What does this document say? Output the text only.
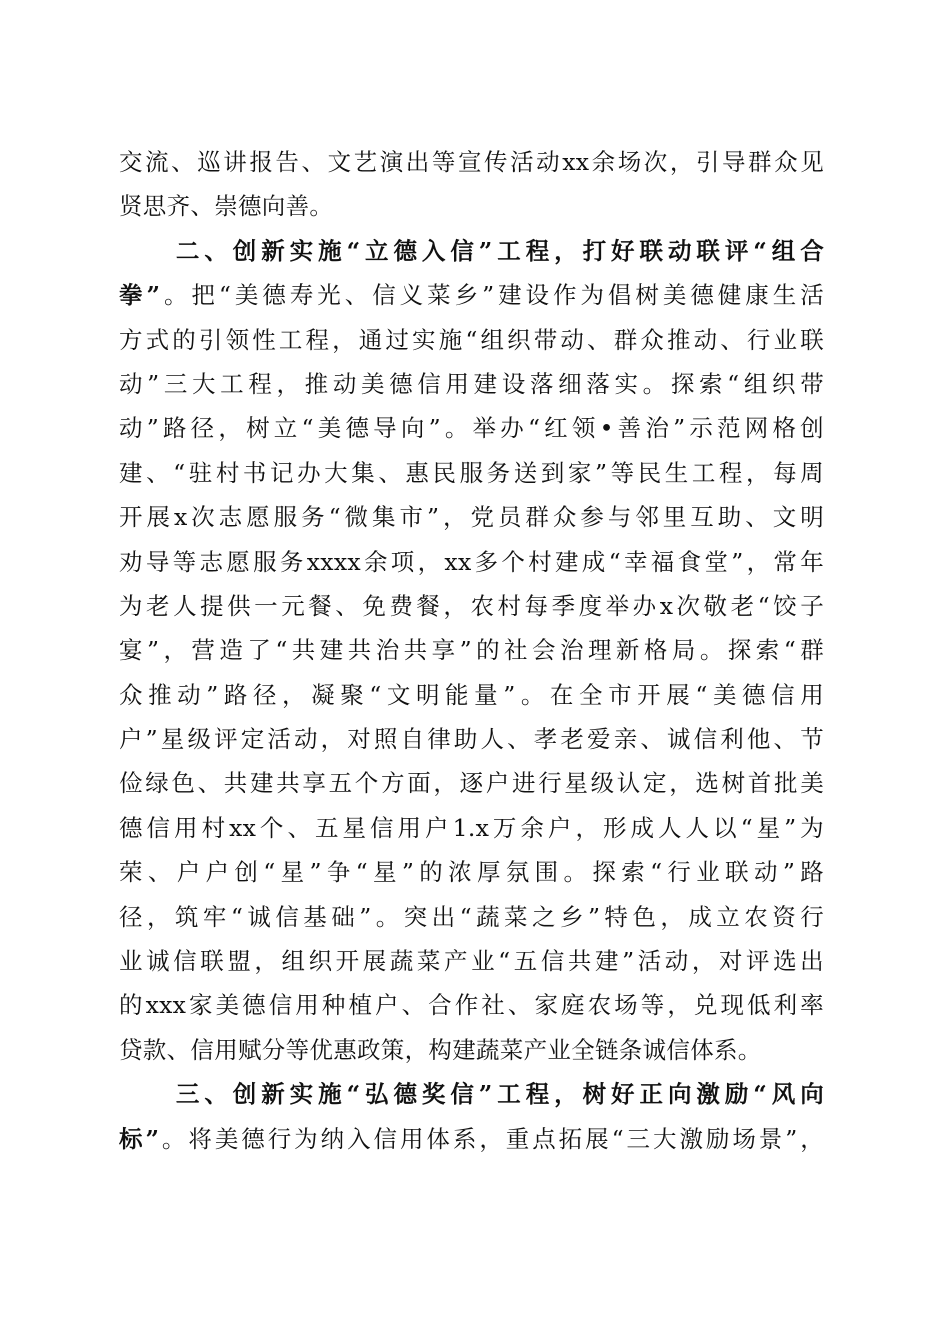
交流、巡讲报告、文艺演出等宣传活动xx余场次，引导群众见
贤思齐、崇德向善。
　　二、创新实施“立德入信”工程，打好联动联评“组合
拳”。把“美德寿光、信义菜乡”建设作为倡树美德健康生活
方式的引领性工程，通过实施“组织带动、群众推动、行业联
动”三大工程，推动美德信用建设落细落实。探索“组织带
动”路径，树立“美德导向”。举办“红领•善治”示范网格创
建、“驻村书记办大集、惠民服务送到家”等民生工程，每周
开展x次志愿服务“微集市”，党员群众参与邻里互助、文明
劝导等志愿服务xxxx余项，xx多个村建成“幸福食堂”，常年
为老人提供一元餐、免费餐，农村每季度举办x次敬老“饺子
宴”，营造了“共建共治共享”的社会治理新格局。探索“群
众推动”路径，凝聚“文明能量”。在全市开展“美德信用
户”星级评定活动，对照自律助人、孝老爱亲、诚信利他、节
俭绿色、共建共享五个方面，逐户进行星级认定，选树首批美
德信用村xx个、五星信用户1.x万余户，形成人人以“星”为
荣、户户创“星”争“星”的浓厚氛围。探索“行业联动”路
径，筑牢“诚信基础”。突出“蔬菜之乡”特色，成立农资行
业诚信联盟，组织开展蔬菜产业“五信共建”活动，对评选出
的xxx家美德信用种植户、合作社、家庭农场等，兑现低利率
贷款、信用赋分等优惠政策，构建蔬菜产业全链条诚信体系。
　　三、创新实施“弘德奖信”工程，树好正向激励“风向
标”。将美德行为纳入信用体系，重点拓展“三大激励场景”，
